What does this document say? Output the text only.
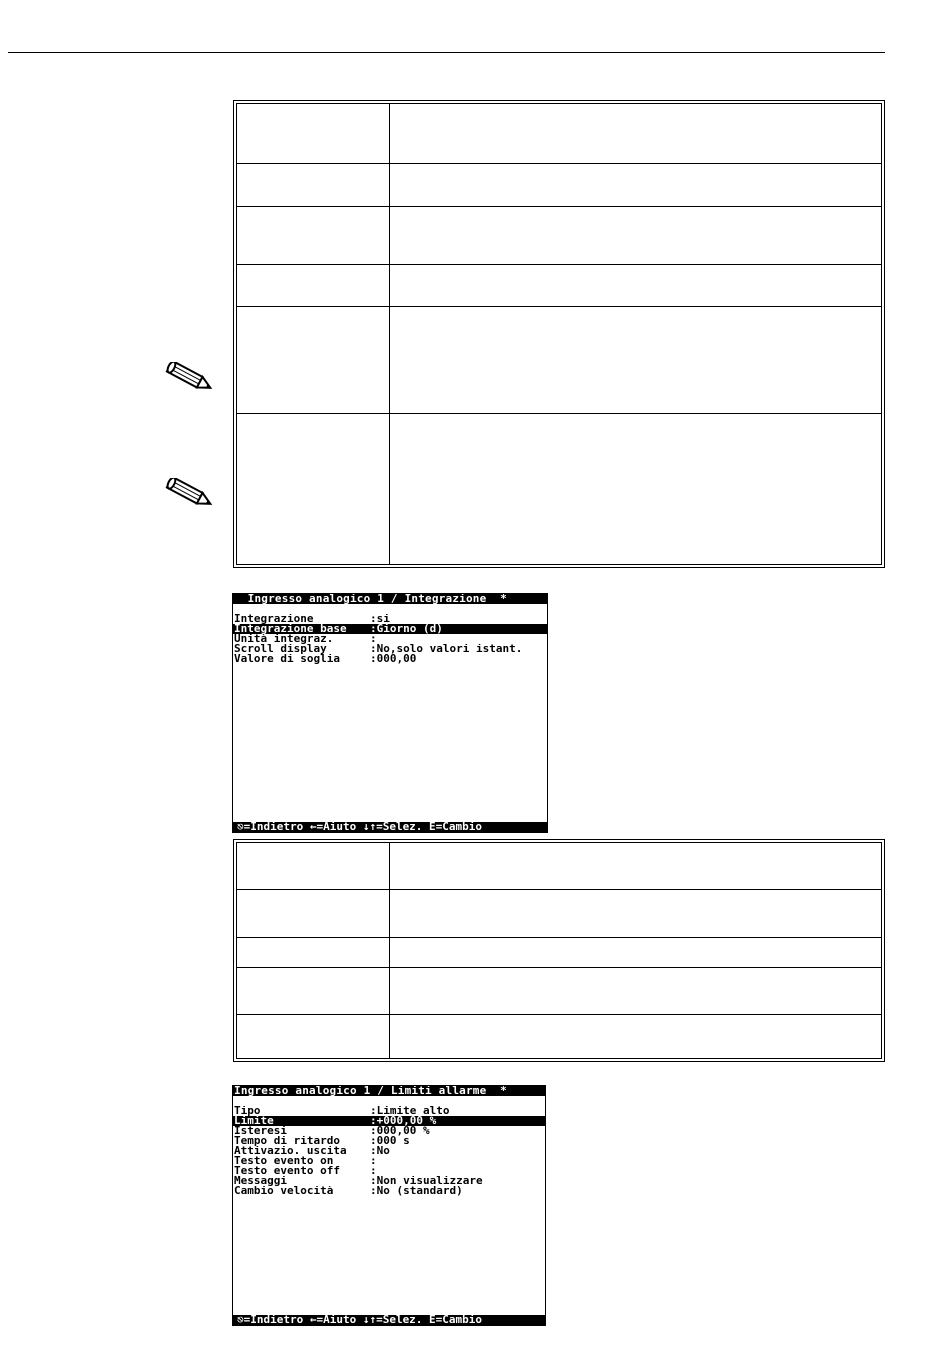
Ingresso analogico 1 / Integrazione  *
Integrazione	:si
Integrazione base	:Giorno (d)
Unità integraz.	:
Scroll display	:No,solo valori istant.
Valore di soglia	:000,00
⎋=Indietro ←=Aiuto ↓↑=Selez. E=Cambio
Ingresso analogico 1 / Limiti allarme  *
Tipo	:Limite alto
Limite	:+000,00 %
Isteresi	:000,00 %
Tempo di ritardo	:000 s
Attivazio. uscita	:No
Testo evento on	:
Testo evento off	:
Messaggi	:Non visualizzare
Cambio velocità	:No (standard)
⎋=Indietro ←=Aiuto ↓↑=Selez. E=Cambio
